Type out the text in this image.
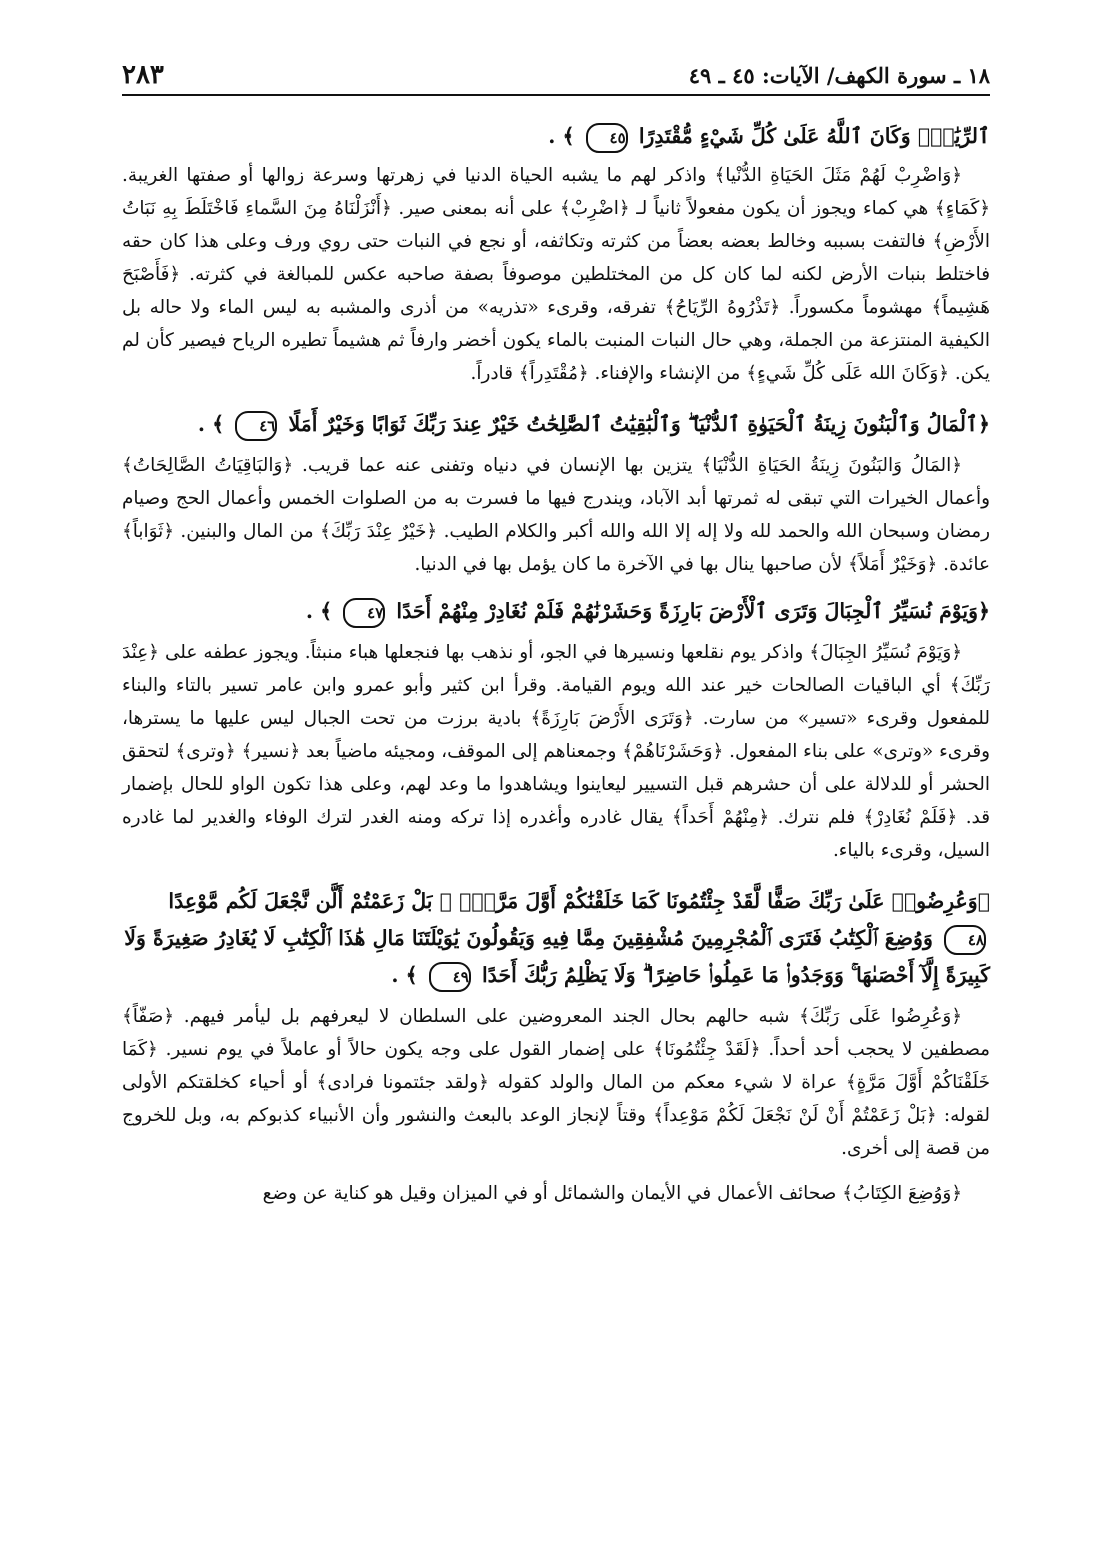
١٨ ـ سورة الكهف/ الآيات: ٤٥ ـ ٤٩
٢٨٣

ٱلرِّيَٰحُۗ وَكَانَ ٱللَّهُ عَلَىٰ كُلِّ شَيْءٍ مُّقْتَدِرًا ٤٥ ﴾ .

﴿وَاضْرِبْ لَهُمْ مَثَلَ الحَيَاةِ الدُّنْيا﴾ واذكر لهم ما يشبه الحياة الدنيا في زهرتها وسرعة زوالها أو صفتها الغريبة. ﴿كَمَاءٍ﴾ هي كماء ويجوز أن يكون مفعولاً ثانياً لـ ﴿اضْرِبْ﴾ على أنه بمعنى صير. ﴿أَنْزَلْنَاهُ مِنَ السَّماءِ فَاخْتَلَطَ بِهِ نَبَاتُ الأَرْضِ﴾ فالتفت بسببه وخالط بعضه بعضاً من كثرته وتكاثفه، أو نجع في النبات حتى روي ورف وعلى هذا كان حقه فاختلط بنبات الأرض لكنه لما كان كل من المختلطين موصوفاً بصفة صاحبه عكس للمبالغة في كثرته. ﴿فَأَصْبَحَ هَشِيماً﴾ مهشوماً مكسوراً. ﴿تَذْرُوهُ الرِّيَاحُ﴾ تفرقه، وقرىء «تذريه» من أذرى والمشبه به ليس الماء ولا حاله بل الكيفية المنتزعة من الجملة، وهي حال النبات المنبت بالماء يكون أخضر وارفاً ثم هشيماً تطيره الرياح فيصير كأن لم يكن. ﴿وَكَانَ الله عَلَى كُلِّ شَيءٍ﴾ من الإنشاء والإفناء. ﴿مُقْتَدِراً﴾ قادراً.

﴿ٱلْمَالُ وَٱلْبَنُونَ زِينَةُ ٱلْحَيَوٰةِ ٱلدُّنْيَا ۖ وَٱلْبَٰقِيَٰتُ ٱلصَّٰلِحَٰتُ خَيْرٌ عِندَ رَبِّكَ ثَوَابًا وَخَيْرٌ أَمَلًا ٤٦ ﴾ .

﴿المَالُ وَالبَنُونَ زِينَةُ الحَيَاةِ الدُّنْيَا﴾ يتزين بها الإنسان في دنياه وتفنى عنه عما قريب. ﴿وَالبَاقِيَاتُ الصَّالِحَاتُ﴾ وأعمال الخيرات التي تبقى له ثمرتها أبد الآباد، ويندرج فيها ما فسرت به من الصلوات الخمس وأعمال الحج وصيام رمضان وسبحان الله والحمد لله ولا إله إلا الله والله أكبر والكلام الطيب. ﴿خَيْرٌ عِنْدَ رَبِّكَ﴾ من المال والبنين. ﴿ثَوَاباً﴾ عائدة. ﴿وَخَيْرٌ أَمَلاً﴾ لأن صاحبها ينال بها في الآخرة ما كان يؤمل بها في الدنيا.

﴿وَيَوْمَ نُسَيِّرُ ٱلْجِبَالَ وَتَرَى ٱلْأَرْضَ بَارِزَةً وَحَشَرْنَٰهُمْ فَلَمْ نُغَادِرْ مِنْهُمْ أَحَدًا ٤٧ ﴾ .

﴿وَيَوْمَ نُسَيِّرُ الجِبَالَ﴾ واذكر يوم نقلعها ونسيرها في الجو، أو نذهب بها فنجعلها هباء منبثاً. ويجوز عطفه على ﴿عِنْدَ رَبِّكَ﴾ أي الباقيات الصالحات خير عند الله ويوم القيامة. وقرأ ابن كثير وأبو عمرو وابن عامر تسير بالتاء والبناء للمفعول وقرىء «تسير» من سارت. ﴿وَتَرَى الأَرْضَ بَارِزَةً﴾ بادية برزت من تحت الجبال ليس عليها ما يسترها، وقرىء «وترى» على بناء المفعول. ﴿وَحَشَرْنَاهُمْ﴾ وجمعناهم إلى الموقف، ومجيئه ماضياً بعد ﴿نسير﴾ ﴿وترى﴾ لتحقق الحشر أو للدلالة على أن حشرهم قبل التسيير ليعاينوا ويشاهدوا ما وعد لهم، وعلى هذا تكون الواو للحال بإضمار قد. ﴿فَلَمْ نُغَادِرْ﴾ فلم نترك. ﴿مِنْهُمْ أَحَداً﴾ يقال غادره وأغدره إذا تركه ومنه الغدر لترك الوفاء والغدير لما غادره السيل، وقرىء بالياء.

﴿وَعُرِضُوا۟ عَلَىٰ رَبِّكَ صَفًّا لَّقَدْ جِئْتُمُونَا كَمَا خَلَقْنَٰكُمْ أَوَّلَ مَرَّةٍۭ ۚ بَلْ زَعَمْتُمْ أَلَّن نَّجْعَلَ لَكُم مَّوْعِدًا ٤٨ وَوُضِعَ ٱلْكِتَٰبُ فَتَرَى ٱلْمُجْرِمِينَ مُشْفِقِينَ مِمَّا فِيهِ وَيَقُولُونَ يَٰوَيْلَتَنَا مَالِ هَٰذَا ٱلْكِتَٰبِ لَا يُغَادِرُ صَغِيرَةً وَلَا كَبِيرَةً إِلَّآ أَحْصَىٰهَا ۚ وَوَجَدُوا۟ مَا عَمِلُوا۟ حَاضِرًا ۗ وَلَا يَظْلِمُ رَبُّكَ أَحَدًا ٤٩ ﴾ .

﴿وَعُرِضُوا عَلَى رَبِّكَ﴾ شبه حالهم بحال الجند المعروضين على السلطان لا ليعرفهم بل ليأمر فيهم. ﴿صَفّاً﴾ مصطفين لا يحجب أحد أحداً. ﴿لَقَدْ جِئْتُمُونَا﴾ على إضمار القول على وجه يكون حالاً أو عاملاً في يوم نسير. ﴿كَمَا خَلَقْنَاكُمْ أَوَّلَ مَرَّةٍ﴾ عراة لا شيء معكم من المال والولد كقوله ﴿ولقد جئتمونا فرادى﴾ أو أحياء كخلقتكم الأولى لقوله: ﴿بَلْ زَعَمْتُمْ أَنْ لَنْ نَجْعَلَ لَكُمْ مَوْعِداً﴾ وقتاً لإنجاز الوعد بالبعث والنشور وأن الأنبياء كذبوكم به، وبل للخروج من قصة إلى أخرى.

﴿وَوُضِعَ الكِتَابُ﴾ صحائف الأعمال في الأيمان والشمائل أو في الميزان وقيل هو كناية عن وضع
